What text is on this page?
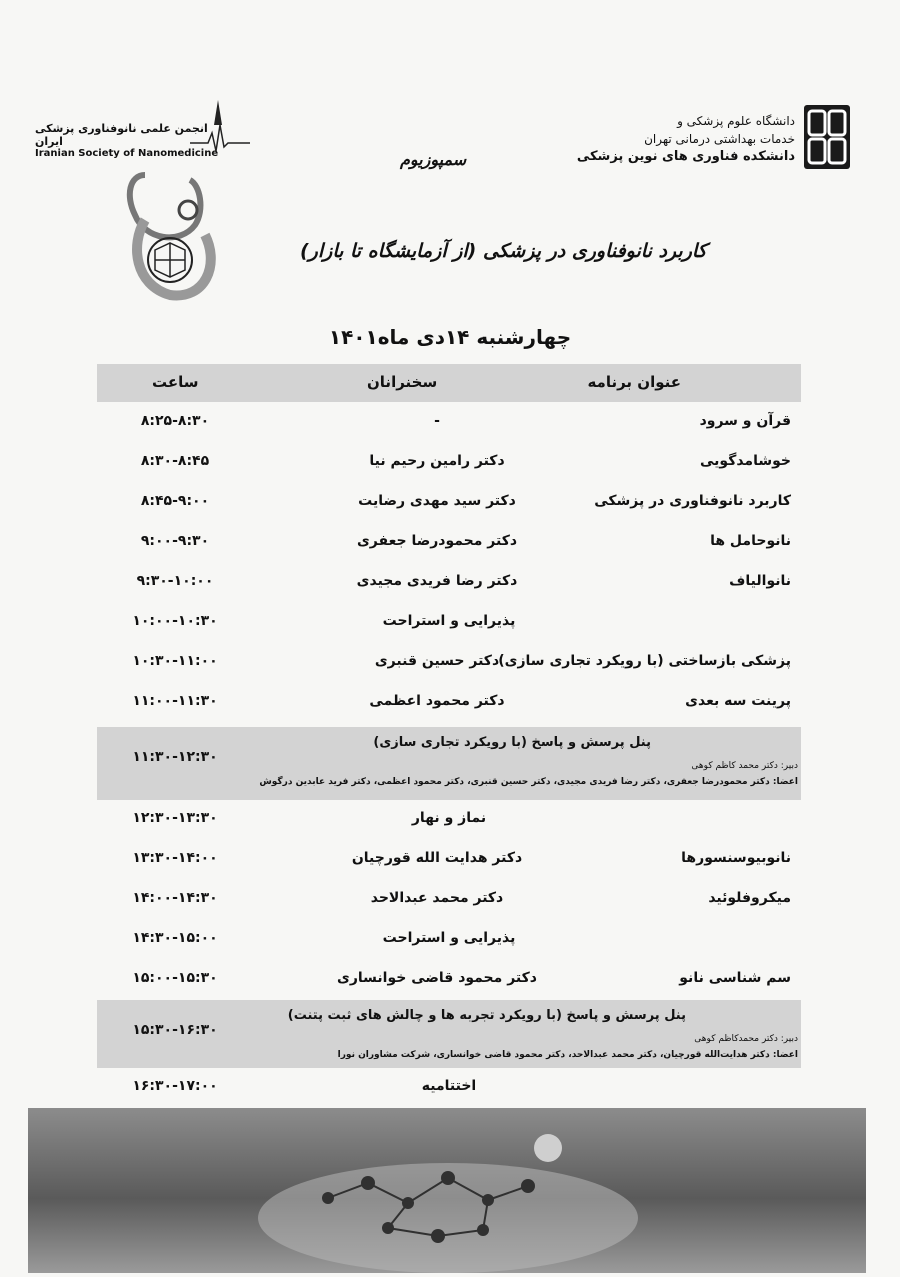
دانشگاه علوم پزشکی و
خدمات بهداشتی درمانی تهران
دانشکده فناوری های نوین پزشکی
انجمن علمی نانوفناوری پزشکی ایران
Iranian Society of Nanomedicine	سمپوزیوم
کاربرد نانوفناوری در پزشکی (از آزمایشگاه تا بازار)
چهارشنبه ۱۴دی ماه۱۴۰۱
عنوان برنامه
سخنرانان
ساعت
قرآن و سرود
-
۸:۲۵-۸:۳۰
خوشامدگویی
دکتر رامین رحیم نیا
۸:۳۰-۸:۴۵
کاربرد نانوفناوری در پزشکی
دکتر سید مهدی رضایت
۸:۴۵-۹:۰۰
نانوحامل ها
دکتر محمودرضا جعفری
۹:۰۰-۹:۳۰
نانوالیاف
دکتر رضا فریدی مجیدی
۹:۳۰-۱۰:۰۰
پذیرایی و استراحت
۱۰:۰۰-۱۰:۳۰
پزشکی بازساختی (با رویکرد تجاری سازی)
دکتر حسین قنبری
۱۰:۳۰-۱۱:۰۰
پرینت سه بعدی
دکتر محمود اعظمی
۱۱:۰۰-۱۱:۳۰
پنل پرسش و پاسخ (با رویکرد تجاری سازی)
۱۱:۳۰-۱۲:۳۰
دبیر: دکتر محمد کاظم کوهی
اعضا: دکتر محمودرضا جعفری، دکتر رضا فریدی مجیدی، دکتر حسین قنبری، دکتر محمود اعظمی، دکتر فرید عابدین درگوش
نماز و نهار
۱۲:۳۰-۱۳:۳۰
نانوبیوسنسورها
دکتر هدایت الله قورچیان
۱۳:۳۰-۱۴:۰۰
میکروفلوئید
دکتر محمد عبدالاحد
۱۴:۰۰-۱۴:۳۰
پذیرایی و استراحت
۱۴:۳۰-۱۵:۰۰
سم شناسی نانو
دکتر محمود قاضی خوانساری
۱۵:۰۰-۱۵:۳۰
پنل پرسش و پاسخ (با رویکرد تجربه ها و چالش های ثبت پتنت)
۱۵:۳۰-۱۶:۳۰
دبیر: دکتر محمدکاظم کوهی
اعضا: دکتر هدایت‌الله قورچیان، دکتر محمد عبدالاحد، دکتر محمود قاضی خوانساری، شرکت مشاوران نورا
اختتامیه
۱۶:۳۰-۱۷:۰۰
